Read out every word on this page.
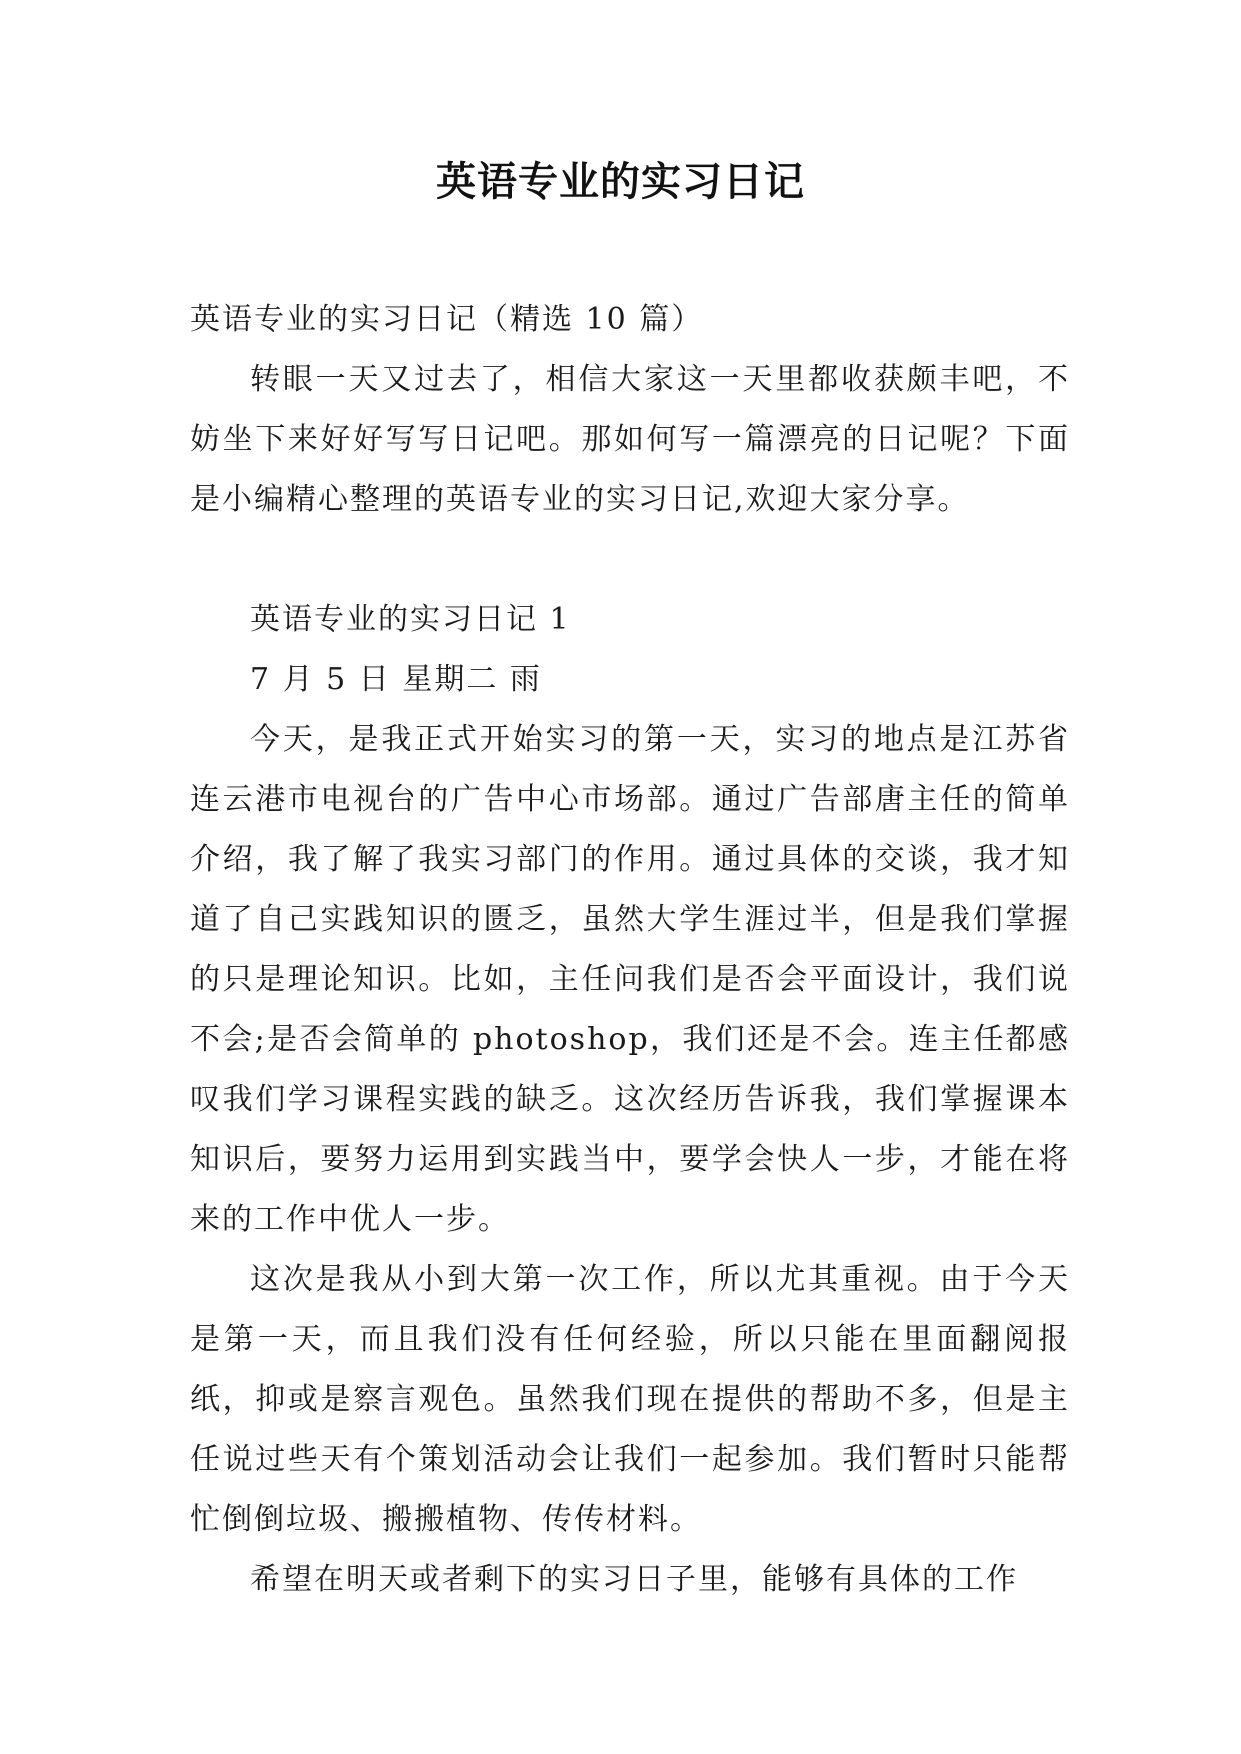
英语专业的实习日记

英语专业的实习日记（精选 10 篇）

转眼一天又过去了，相信大家这一天里都收获颇丰吧，不妨坐下来好好写写日记吧。那如何写一篇漂亮的日记呢？下面是小编精心整理的英语专业的实习日记,欢迎大家分享。

英语专业的实习日记 1

7 月 5 日 星期二 雨

今天，是我正式开始实习的第一天，实习的地点是江苏省连云港市电视台的广告中心市场部。通过广告部唐主任的简单介绍，我了解了我实习部门的作用。通过具体的交谈，我才知道了自己实践知识的匮乏，虽然大学生涯过半，但是我们掌握的只是理论知识。比如，主任问我们是否会平面设计，我们说不会;是否会简单的 photoshop，我们还是不会。连主任都感叹我们学习课程实践的缺乏。这次经历告诉我，我们掌握课本知识后，要努力运用到实践当中，要学会快人一步，才能在将来的工作中优人一步。

这次是我从小到大第一次工作，所以尤其重视。由于今天是第一天，而且我们没有任何经验，所以只能在里面翻阅报纸，抑或是察言观色。虽然我们现在提供的帮助不多，但是主任说过些天有个策划活动会让我们一起参加。我们暂时只能帮忙倒倒垃圾、搬搬植物、传传材料。

希望在明天或者剩下的实习日子里，能够有具体的工作
